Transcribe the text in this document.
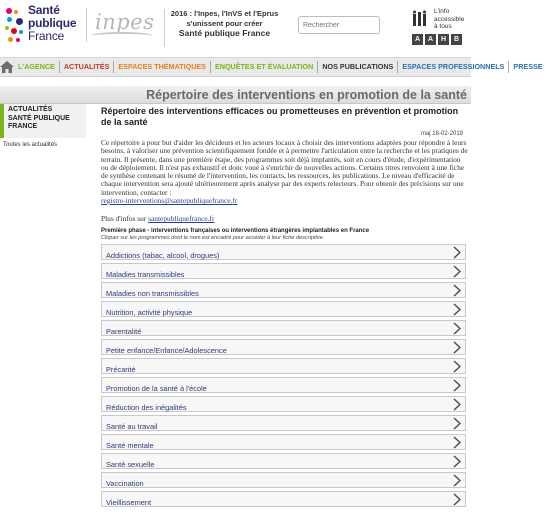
Santé
publique
France
inpes	2016 : l'Inpes, l'InVS et l'Eprus
s'unissent pour créer
Santé publique France
Rechercher
L'info
accessible
à tous
A	A	H	B
L'AGENCE	ACTUALITÉS	ESPACES THÉMATIQUES	ENQUÊTES ET ÉVALUATION	NOS PUBLICATIONS	ESPACES PROFESSIONNELS	PRESSE
Répertoire des interventions en promotion de la santé
ACTUALITÉS
SANTÉ PUBLIQUE
FRANCE
Toutes les actualités
Répertoire des interventions efficaces ou prometteuses en prévention et promotion de la santé
maj 18-02-2019

Ce répertoire a pour but d'aider les décideurs et les acteurs locaux à choisir des interventions adaptées pour répondre à leurs besoins, à valoriser une prévention scientifiquement fondée et à permettre l'articulation entre la recherche et les pratiques de terrain. Il présente, dans une première étape, des programmes soit déjà implantés, soit en cours d'étude, d'expérimentation ou de déploiement. Il n'est pas exhaustif et donc voué à s'enrichir de nouvelles actions. Certains titres renvoient à une fiche de synthèse contenant le résumé de l'intervention, les contacts, les ressources, les publications. Le niveau d'efficacité de chaque intervention sera ajouté ultérieurement après analyse par des experts relecteurs. Pour obtenir des précisions sur une intervention, contacter :
registre-interventions@santepubliquefrance.fr

Plus d'infos sur santepubliquefrance.fr

Première phase - interventions françaises ou interventions étrangères implantables en France
Cliquer sur les programmes dont le nom est encadré pour accéder à leur fiche descriptive.
Addictions (tabac, alcool, drogues)
Maladies transmissibles
Maladies non transmissibles
Nutrition, activité physique
Parentalité
Petite enfance/Enfance/Adolescence
Précarité
Promotion de la santé à l'école
Réduction des inégalités
Santé au travail
Santé mentale
Santé sexuelle
Vaccination
Vieillissement
